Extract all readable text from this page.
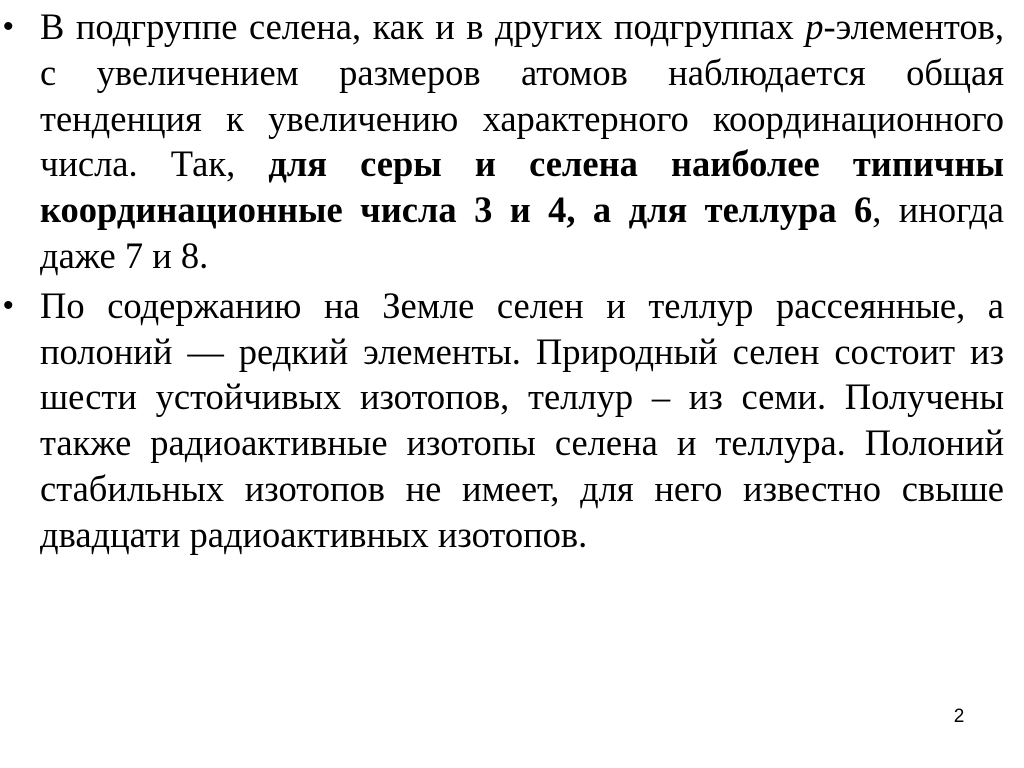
• В подгруппе селена, как и в других подгруппах р-элементов, с увеличением размеров атомов наблюдается общая тенденция к увеличению характерного координационного числа. Так, для серы и селена наиболее типичны координационные числа 3 и 4, а для теллура 6, иногда даже 7 и 8.
• По содержанию на Земле селен и теллур рассеянные, а полоний — редкий элементы. Природный селен состоит из шести устойчивых изотопов, теллур – из семи. Получены также радиоактивные изотопы селена и теллура. Полоний стабильных изотопов не имеет, для него известно свыше двадцати радиоактивных изотопов.
2
